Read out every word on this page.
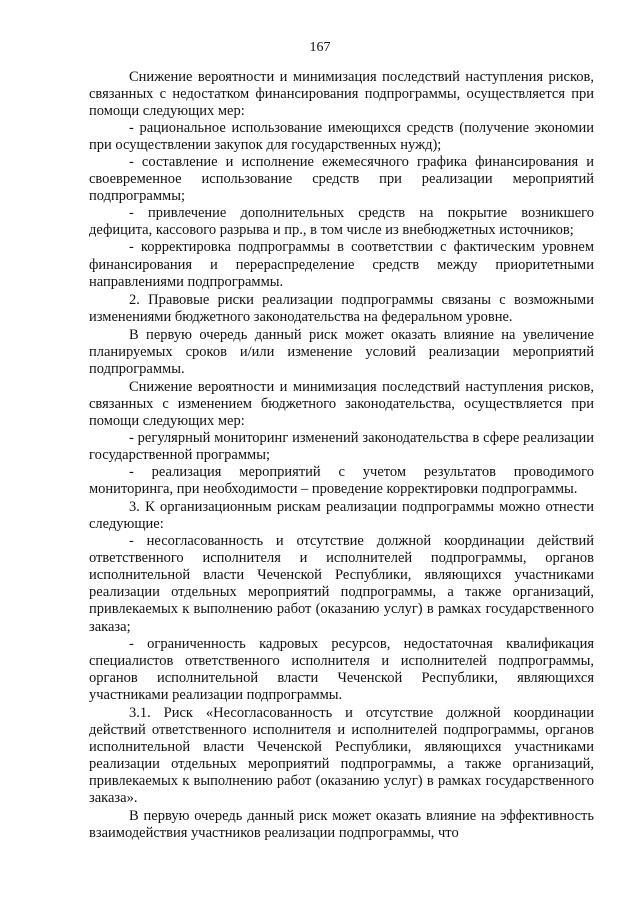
167

Снижение вероятности и минимизация последствий наступления рисков, связанных с недостатком финансирования подпрограммы, осуществляется при помощи следующих мер:

- рациональное использование имеющихся средств (получение экономии при осуществлении закупок для государственных нужд);

- составление и исполнение ежемесячного графика финансирования и своевременное использование средств при реализации мероприятий подпрограммы;

- привлечение дополнительных средств на покрытие возникшего дефицита, кассового разрыва и пр., в том числе из внебюджетных источников;

- корректировка подпрограммы в соответствии с фактическим уровнем финансирования и перераспределение средств между приоритетными направлениями подпрограммы.

2. Правовые риски реализации подпрограммы связаны с возможными изменениями бюджетного законодательства на федеральном уровне.

В первую очередь данный риск может оказать влияние на увеличение планируемых сроков и/или изменение условий реализации мероприятий подпрограммы.

Снижение вероятности и минимизация последствий наступления рисков, связанных с изменением бюджетного законодательства, осуществляется при помощи следующих мер:

- регулярный мониторинг изменений законодательства в сфере реализации государственной программы;

- реализация мероприятий с учетом результатов проводимого мониторинга, при необходимости – проведение корректировки подпрограммы.

3. К организационным рискам реализации подпрограммы можно отнести следующие:

- несогласованность и отсутствие должной координации действий ответственного исполнителя и исполнителей подпрограммы, органов исполнительной власти Чеченской Республики, являющихся участниками реализации отдельных мероприятий подпрограммы, а также организаций, привлекаемых к выполнению работ (оказанию услуг) в рамках государственного заказа;

- ограниченность кадровых ресурсов, недостаточная квалификация специалистов ответственного исполнителя и исполнителей подпрограммы, органов исполнительной власти Чеченской Республики, являющихся участниками реализации подпрограммы.

3.1. Риск «Несогласованность и отсутствие должной координации действий ответственного исполнителя и исполнителей подпрограммы, органов исполнительной власти Чеченской Республики, являющихся участниками реализации отдельных мероприятий подпрограммы, а также организаций, привлекаемых к выполнению работ (оказанию услуг) в рамках государственного заказа».

В первую очередь данный риск может оказать влияние на эффективность взаимодействия участников реализации подпрограммы, что
